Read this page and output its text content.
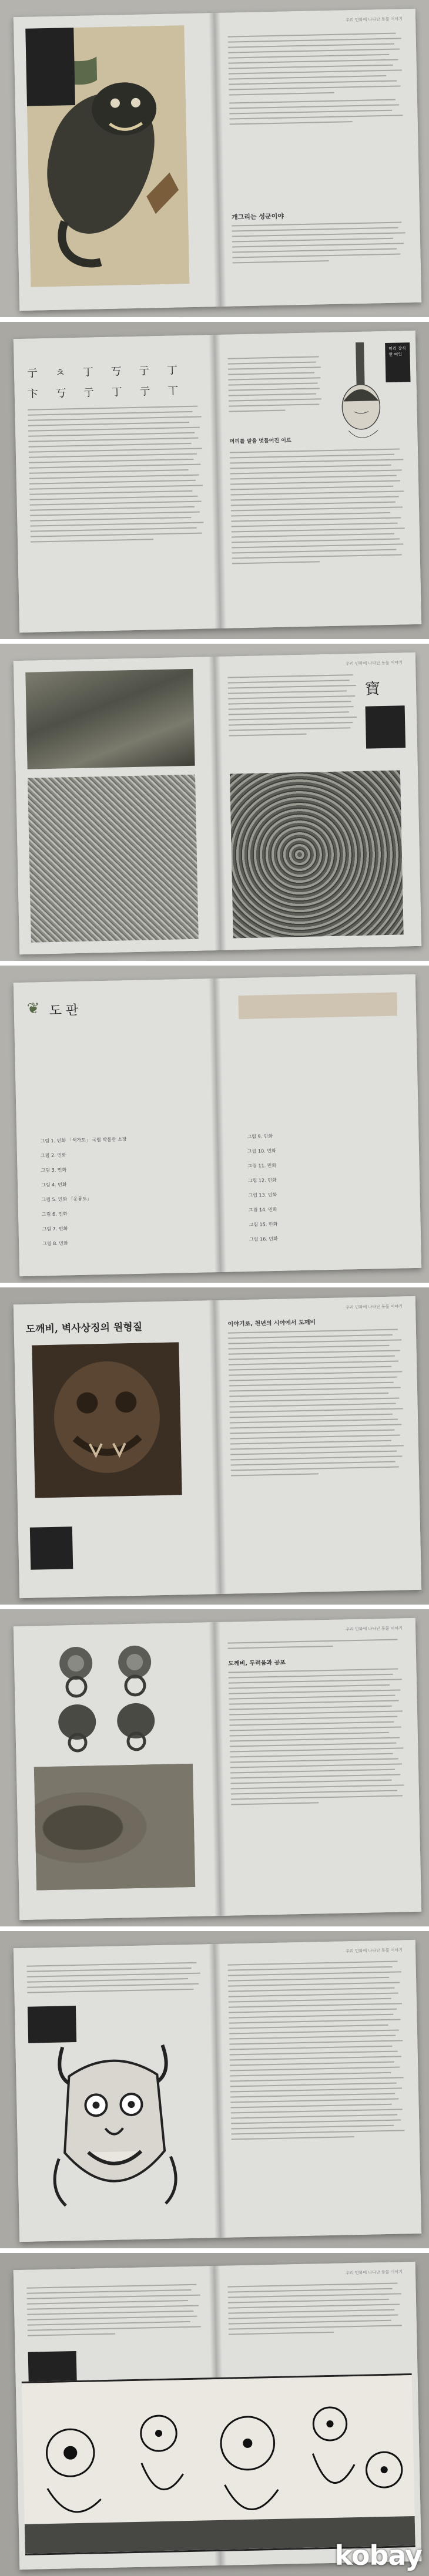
우리 민화에 나타난 동물 이야기
개그리는 성군이야
亍 ㅊ 丁 丂 亍 丁
卞 丂 亍 丁 亍 丅
머리를 말을 멋들어진 이르
머리 장식한 여인
우리 민화에 나타난 동물 이야기
寶
❦ 도 판
그림 1. 민화 「책가도」 국립 박물관 소장
그림 2. 민화
그림 3. 민화
그림 4. 민화
그림 5. 민화 「운룡도」
그림 6. 민화
그림 7. 민화
그림 8. 민화
그림 9. 민화
그림 10. 민화
그림 11. 민화
그림 12. 민화
그림 13. 민화
그림 14. 민화
그림 15. 민화
그림 16. 민화
도깨비, 벽사상징의 원형질
우리 민화에 나타난 동물 이야기
이야기로, 천년의 시야에서 도깨비
우리 민화에 나타난 동물 이야기
도깨비, 두려움과 공포
우리 민화에 나타난 동물 이야기
우리 민화에 나타난 동물 이야기
kobay
